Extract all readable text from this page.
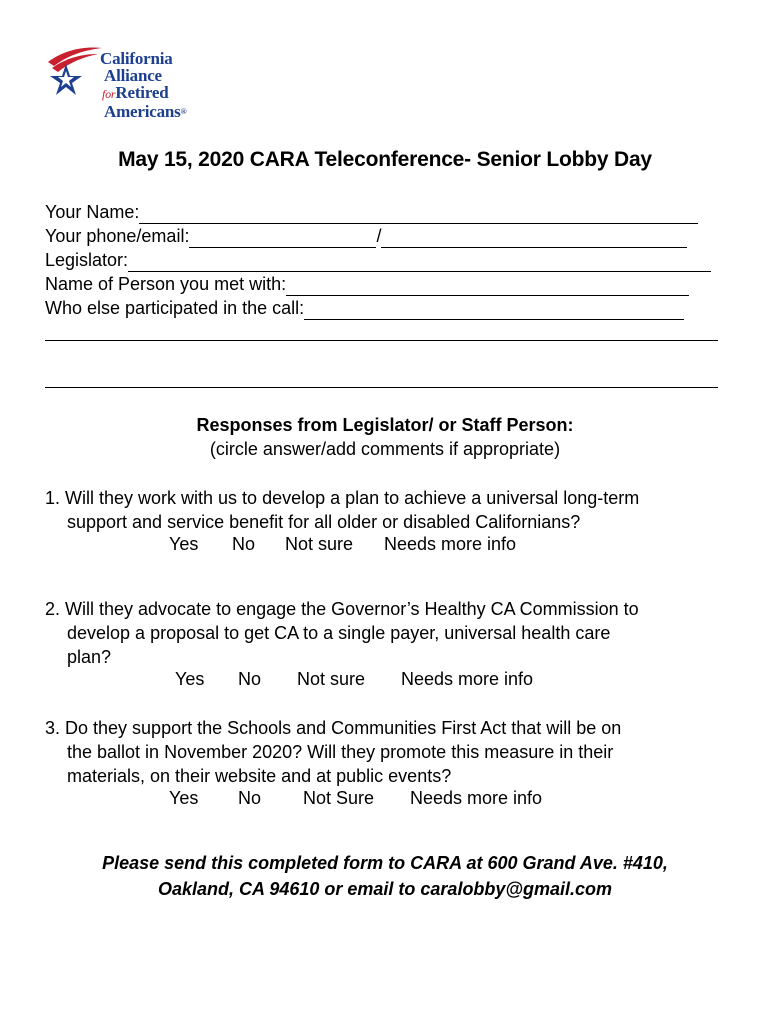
California
Alliance
forRetired
Americans®
May 15, 2020 CARA Teleconference- Senior Lobby Day
Your Name:
Your phone/email:	/
Legislator:
Name of Person you met with:
Who else participated in the call:
Responses from Legislator/ or Staff Person:
(circle answer/add comments if appropriate)
1. Will they work with us to develop a plan to achieve a universal long-term
support and service benefit for all older or disabled Californians?
Yes No Not sure Needs more info
2. Will they advocate to engage the Governor’s Healthy CA Commission to
develop a proposal to get CA to a single payer, universal health care
plan?
Yes No Not sure Needs more info
3. Do they support the Schools and Communities First Act that will be on
the ballot in November 2020? Will they promote this measure in their
materials, on their website and at public events?
Yes No Not Sure Needs more info
Please send this completed form to CARA at 600 Grand Ave. #410,
Oakland, CA 94610 or email to caralobby@gmail.com
